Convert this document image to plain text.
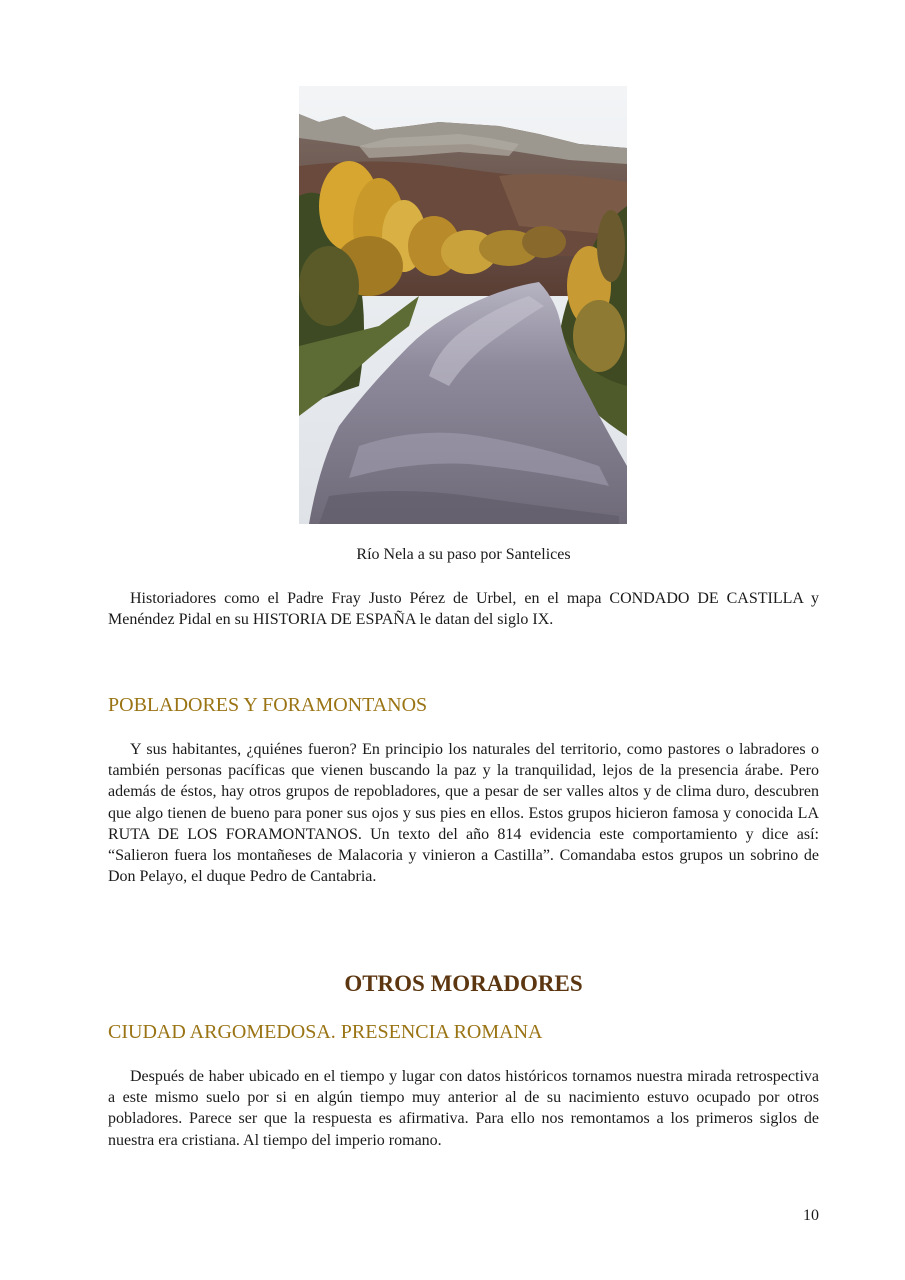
Río Nela a su paso por Santelices

Historiadores como el Padre Fray Justo Pérez de Urbel, en el mapa CONDADO DE CASTILLA y Menéndez Pidal en su HISTORIA DE ESPAÑA le datan del siglo IX.

POBLADORES Y FORAMONTANOS

Y sus habitantes, ¿quiénes fueron? En principio los naturales del territorio, como pastores o labradores o también personas pacíficas que vienen buscando la paz y la tranquilidad, lejos de la presencia árabe. Pero además de éstos, hay otros grupos de repobladores, que a pesar de ser valles altos y de clima duro, descubren que algo tienen de bueno para poner sus ojos y sus pies en ellos. Estos grupos hicieron famosa y conocida LA RUTA DE LOS FORAMONTANOS. Un texto del año 814 evidencia este comportamiento y dice así: “Salieron fuera los montañeses de Malacoria y vinieron a Castilla”. Comandaba estos grupos un sobrino de Don Pelayo, el duque Pedro de Cantabria.

OTROS MORADORES
CIUDAD ARGOMEDOSA. PRESENCIA ROMANA

Después de haber ubicado en el tiempo y lugar con datos históricos tornamos nuestra mirada retrospectiva a este mismo suelo por si en algún tiempo muy anterior al de su nacimiento estuvo ocupado por otros pobladores. Parece ser que la respuesta es afirmativa. Para ello nos remontamos a los primeros siglos de nuestra era cristiana. Al tiempo del imperio romano.

10
